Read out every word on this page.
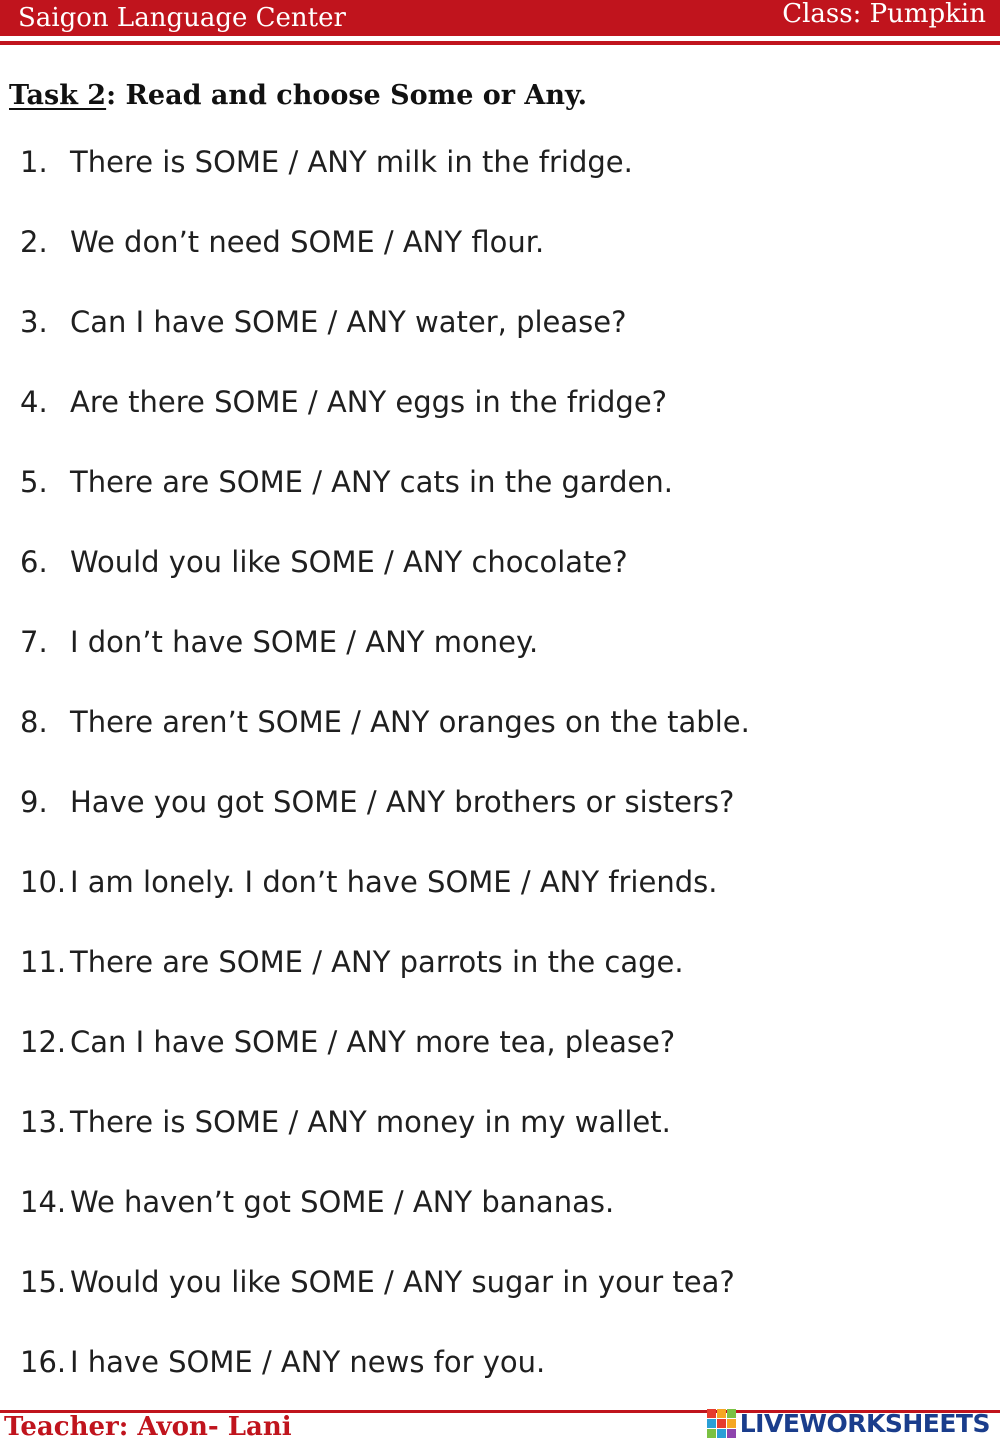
Saigon Language Center	Class: Pumpkin
Task 2: Read and choose Some or Any.
1. There is SOME / ANY milk in the fridge.
2. We don’t need SOME / ANY flour.
3. Can I have SOME / ANY water, please?
4. Are there SOME / ANY eggs in the fridge?
5. There are SOME / ANY cats in the garden.
6. Would you like SOME / ANY chocolate?
7. I don’t have SOME / ANY money.
8. There aren’t SOME / ANY oranges on the table.
9. Have you got SOME / ANY brothers or sisters?
10. I am lonely. I don’t have SOME / ANY friends.
11. There are SOME / ANY parrots in the cage.
12. Can I have SOME / ANY more tea, please?
13. There is SOME / ANY money in my wallet.
14. We haven’t got SOME / ANY bananas.
15. Would you like SOME / ANY sugar in your tea?
16. I have SOME / ANY news for you.
Teacher: Avon- Lani	LIVEWORKSHEETS
